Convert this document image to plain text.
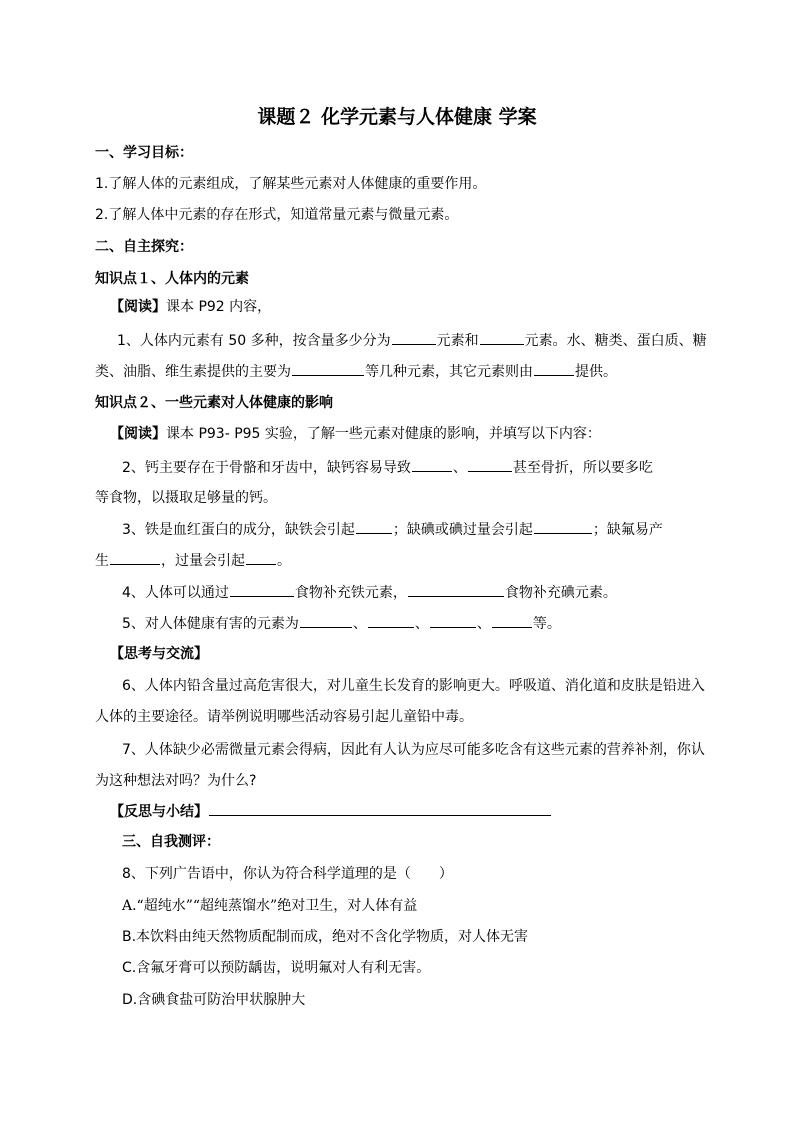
课题２ 化学元素与人体健康 学案
一、学习目标：
1.了解人体的元素组成，了解某些元素对人体健康的重要作用。
2.了解人体中元素的存在形式，知道常量元素与微量元素。
二、自主探究：
知识点１、人体内的元素
【阅读】课本 P92 内容，
1、人体内元素有 50 多种，按含量多少分为	元素和	元素。水、糖类、蛋白质、糖
类、油脂、维生素提供的主要为	等几种元素，其它元素则由	提供。
知识点２、一些元素对人体健康的影响
【阅读】课本 P93- P95 实验，了解一些元素对健康的影响，并填写以下内容：
2、钙主要存在于骨骼和牙齿中，缺钙容易导致	、	甚至骨折，所以要多吃
等食物，以摄取足够量的钙。
3、铁是血红蛋白的成分，缺铁会引起	；缺碘或碘过量会引起	；缺氟易产
生	，过量会引起 。
4、人体可以通过	食物补充铁元素，	食物补充碘元素。
5、对人体健康有害的元素为	、	、	、	等。
【思考与交流】
6、人体内铅含量过高危害很大，对儿童生长发育的影响更大。呼吸道、消化道和皮肤是铅进入
人体的主要途径。请举例说明哪些活动容易引起儿童铅中毒。
7、人体缺少必需微量元素会得病，因此有人认为应尽可能多吃含有这些元素的营养补剂，你认
为这种想法对吗？为什么?
【反思与小结】
三、自我测评：
8、下列广告语中，你认为符合科学道理的是（　　）
A.“超纯水”“超纯蒸馏水”绝对卫生，对人体有益
B.本饮料由纯天然物质配制而成，绝对不含化学物质，对人体无害
C.含氟牙膏可以预防龋齿，说明氟对人有利无害。
D.含碘食盐可防治甲状腺肿大
